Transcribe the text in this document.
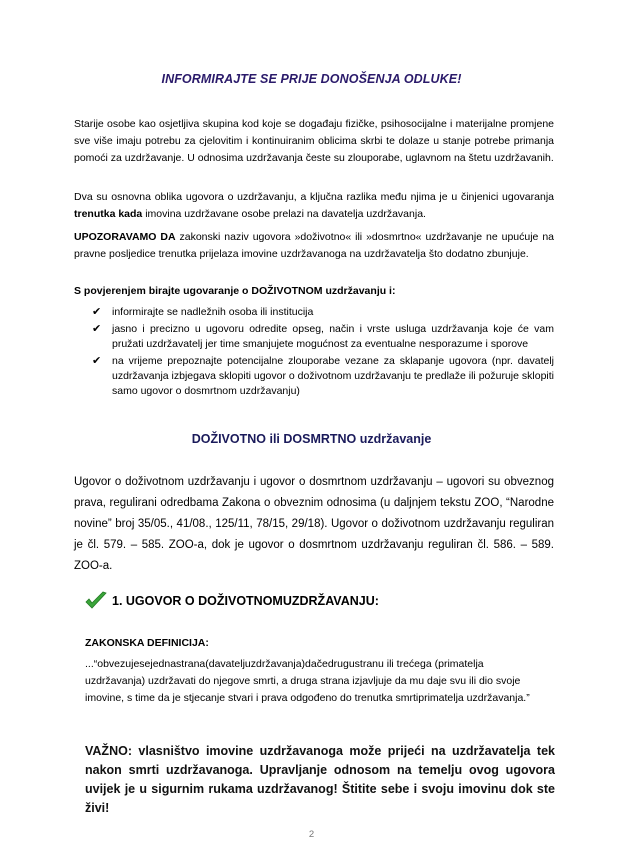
INFORMIRAJTE SE PRIJE DONOŠENJA ODLUKE!
Starije osobe kao osjetljiva skupina kod koje se događaju fizičke, psihosocijalne i materijalne promjene sve više imaju potrebu za cjelovitim i kontinuiranim oblicima skrbi te dolaze u stanje potrebe primanja pomoći za uzdržavanje. U odnosima uzdržavanja česte su zlouporabe, uglavnom na štetu uzdržavanih.
Dva su osnovna oblika ugovora o uzdržavanju, a ključna razlika među njima je u činjenici ugovaranja trenutka kada imovina uzdržavane osobe prelazi na davatelja uzdržavanja.
UPOZORAVAMO DA zakonski naziv ugovora »doživotno« ili »dosmrtno« uzdržavanje ne upućuje na pravne posljedice trenutka prijelaza imovine uzdržavanoga na uzdržavatelja što dodatno zbunjuje.
S povjerenjem birajte ugovaranje o DOŽIVOTNOM uzdržavanju i:
✔ informirajte se nadležnih osoba ili institucija
✔ jasno i precizno u ugovoru odredite opseg, način i vrste usluga uzdržavanja koje će vam pružati uzdržavatelj jer time smanjujete mogućnost za eventualne nesporazume i sporove
✔ na vrijeme prepoznajte potencijalne zlouporabe vezane za sklapanje ugovora (npr. davatelj uzdržavanja izbjegava sklopiti ugovor o doživotnom uzdržavanju te predlaže ili požuruje sklopiti samo ugovor o dosmrtnom uzdržavanju)
DOŽIVOTNO ili DOSMRTNO uzdržavanje
Ugovor o doživotnom uzdržavanju i ugovor o dosmrtnom uzdržavanju – ugovori su obveznog prava, regulirani odredbama Zakona o obveznim odnosima (u daljnjem tekstu ZOO, “Narodne novine” broj 35/05., 41/08., 125/11, 78/15, 29/18). Ugovor o doživotnom uzdržavanju reguliran je čl. 579. – 585. ZOO-a, dok je ugovor o dosmrtnom uzdržavanju reguliran čl. 586. – 589. ZOO-a.
1. UGOVOR O DOŽIVOTNOMUZDRŽAVANJU:
ZAKONSKA DEFINICIJA:
...“obvezujesejednastrana(davateljuzdržavanja)dačedrugustranu ili trećega (primatelja uzdržavanja) uzdržavati do njegove smrti, a druga strana izjavljuje da mu daje svu ili dio svoje imovine, s time da je stjecanje stvari i prava odgođeno do trenutka smrtiprimatelja uzdržavanja.”
VAŽNO: vlasništvo imovine uzdržavanoga može prijeći na uzdržavatelja tek nakon smrti uzdržavanoga. Upravljanje odnosom na temelju ovog ugovora uvijek je u sigurnim rukama uzdržavanog! Štitite sebe i svoju imovinu dok ste živi!
2
